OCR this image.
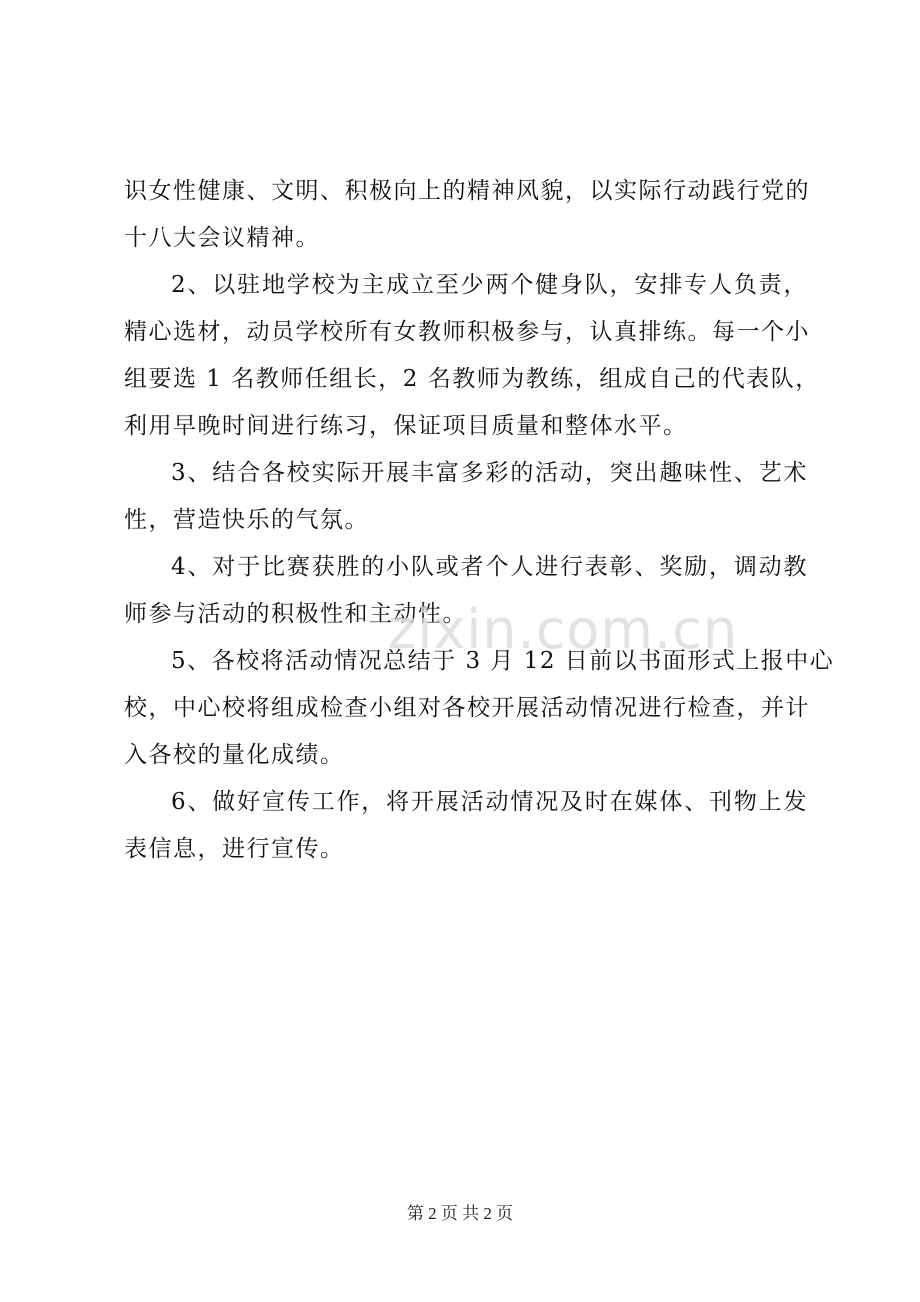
识女性健康、文明、积极向上的精神风貌，以实际行动践行党的
十八大会议精神。
2、以驻地学校为主成立至少两个健身队，安排专人负责，
精心选材，动员学校所有女教师积极参与，认真排练。每一个小
组要选 1 名教师任组长，2 名教师为教练，组成自己的代表队，
利用早晚时间进行练习，保证项目质量和整体水平。
3、结合各校实际开展丰富多彩的活动，突出趣味性、艺术
性，营造快乐的气氛。
4、对于比赛获胜的小队或者个人进行表彰、奖励，调动教
师参与活动的积极性和主动性。
5、各校将活动情况总结于 3 月 12 日前以书面形式上报中心
校，中心校将组成检查小组对各校开展活动情况进行检查，并计
入各校的量化成绩。
6、做好宣传工作，将开展活动情况及时在媒体、刊物上发
表信息，进行宣传。
zixin.com.cn
第 2 页 共 2 页
